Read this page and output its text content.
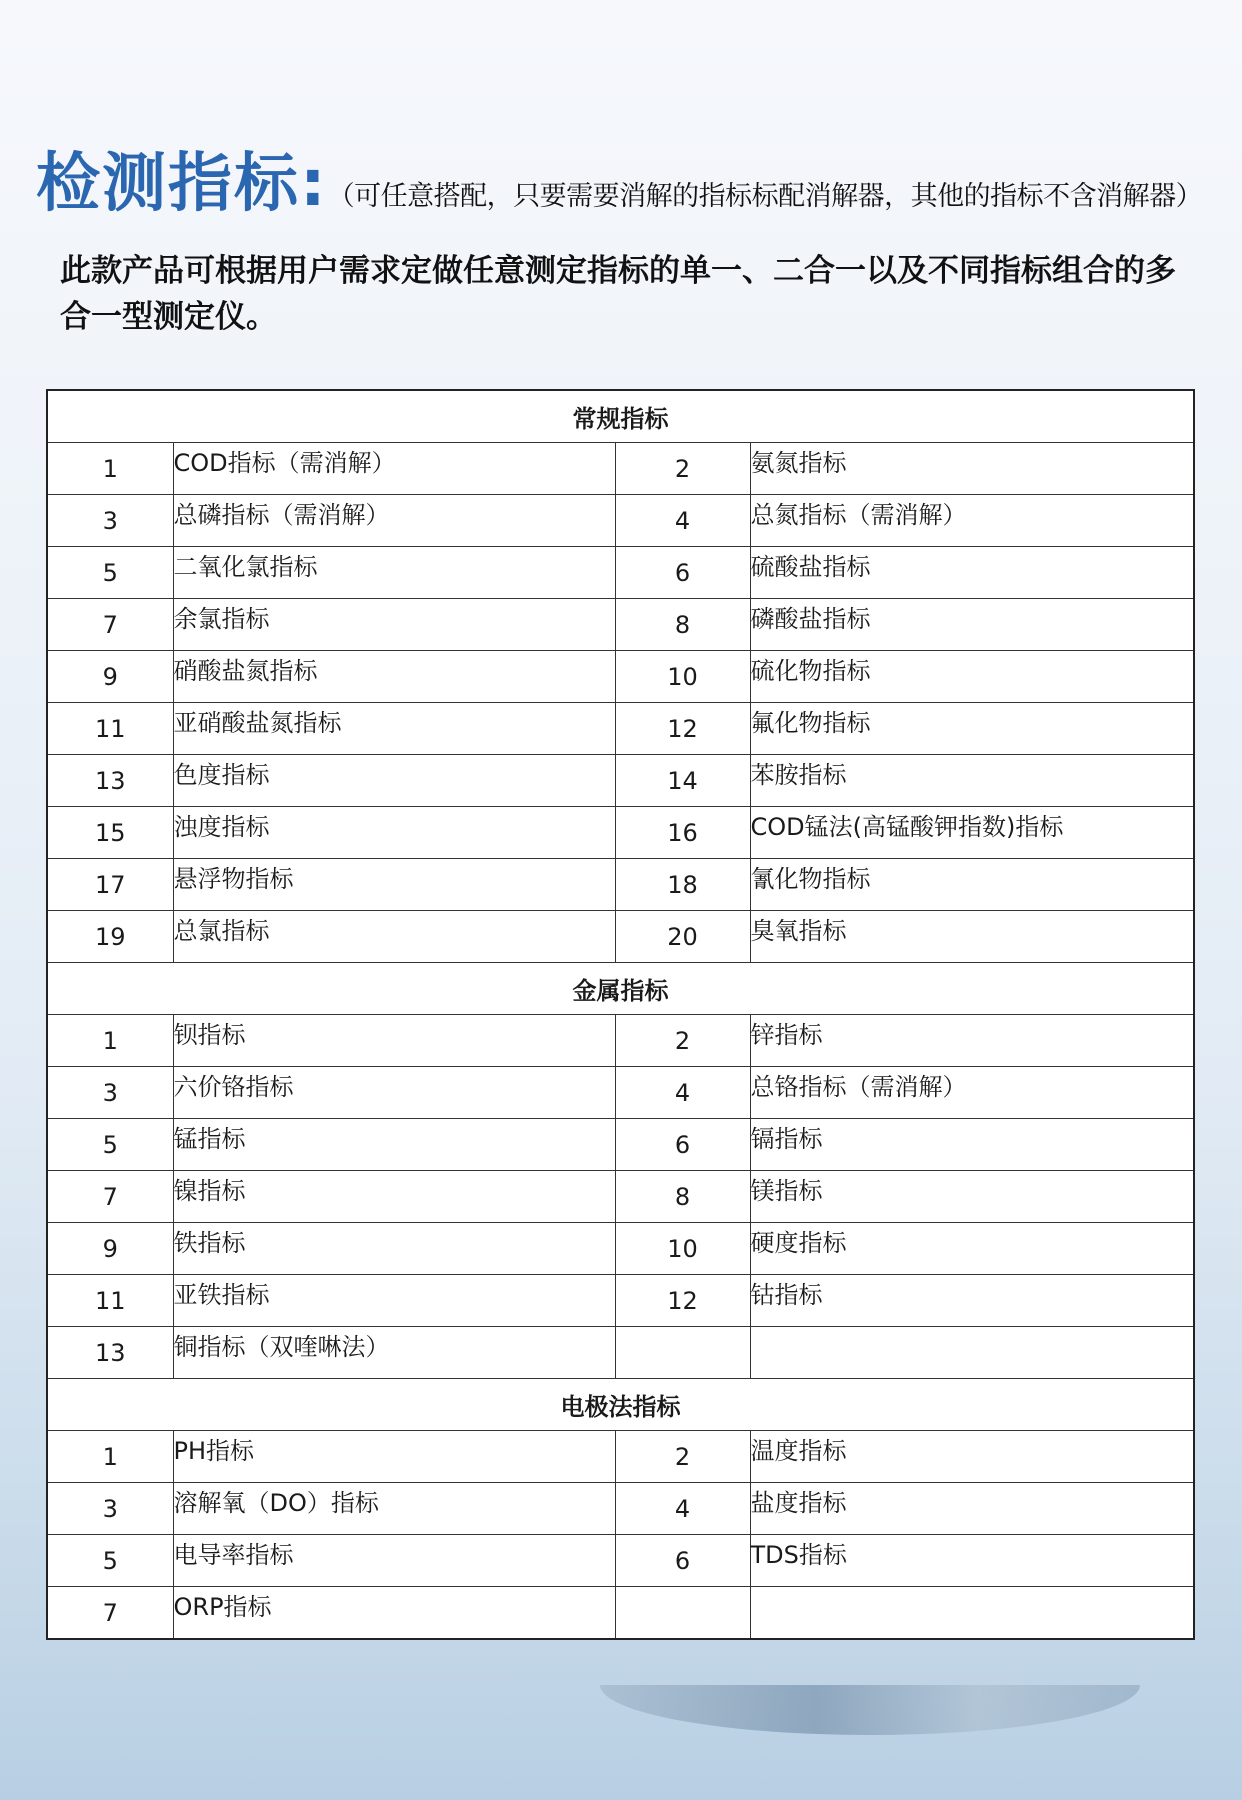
检测指标: （可任意搭配，只要需要消解的指标标配消解器，其他的指标不含消解器）
此款产品可根据用户需求定做任意测定指标的单一、二合一以及不同指标组合的多合一型测定仪。
常规指标			
1	COD指标（需消解）	2	氨氮指标
3	总磷指标（需消解）	4	总氮指标（需消解）
5	二氧化氯指标	6	硫酸盐指标
7	余氯指标	8	磷酸盐指标
9	硝酸盐氮指标	10	硫化物指标
11	亚硝酸盐氮指标	12	氟化物指标
13	色度指标	14	苯胺指标
15	浊度指标	16	COD锰法(高锰酸钾指数)指标
17	悬浮物指标	18	氰化物指标
19	总氯指标	20	臭氧指标
金属指标			
1	钡指标	2	锌指标
3	六价铬指标	4	总铬指标（需消解）
5	锰指标	6	镉指标
7	镍指标	8	镁指标
9	铁指标	10	硬度指标
11	亚铁指标	12	钴指标
13	铜指标（双喹啉法）		
电极法指标			
1	PH指标	2	温度指标
3	溶解氧（DO）指标	4	盐度指标
5	电导率指标	6	TDS指标
7	ORP指标		
